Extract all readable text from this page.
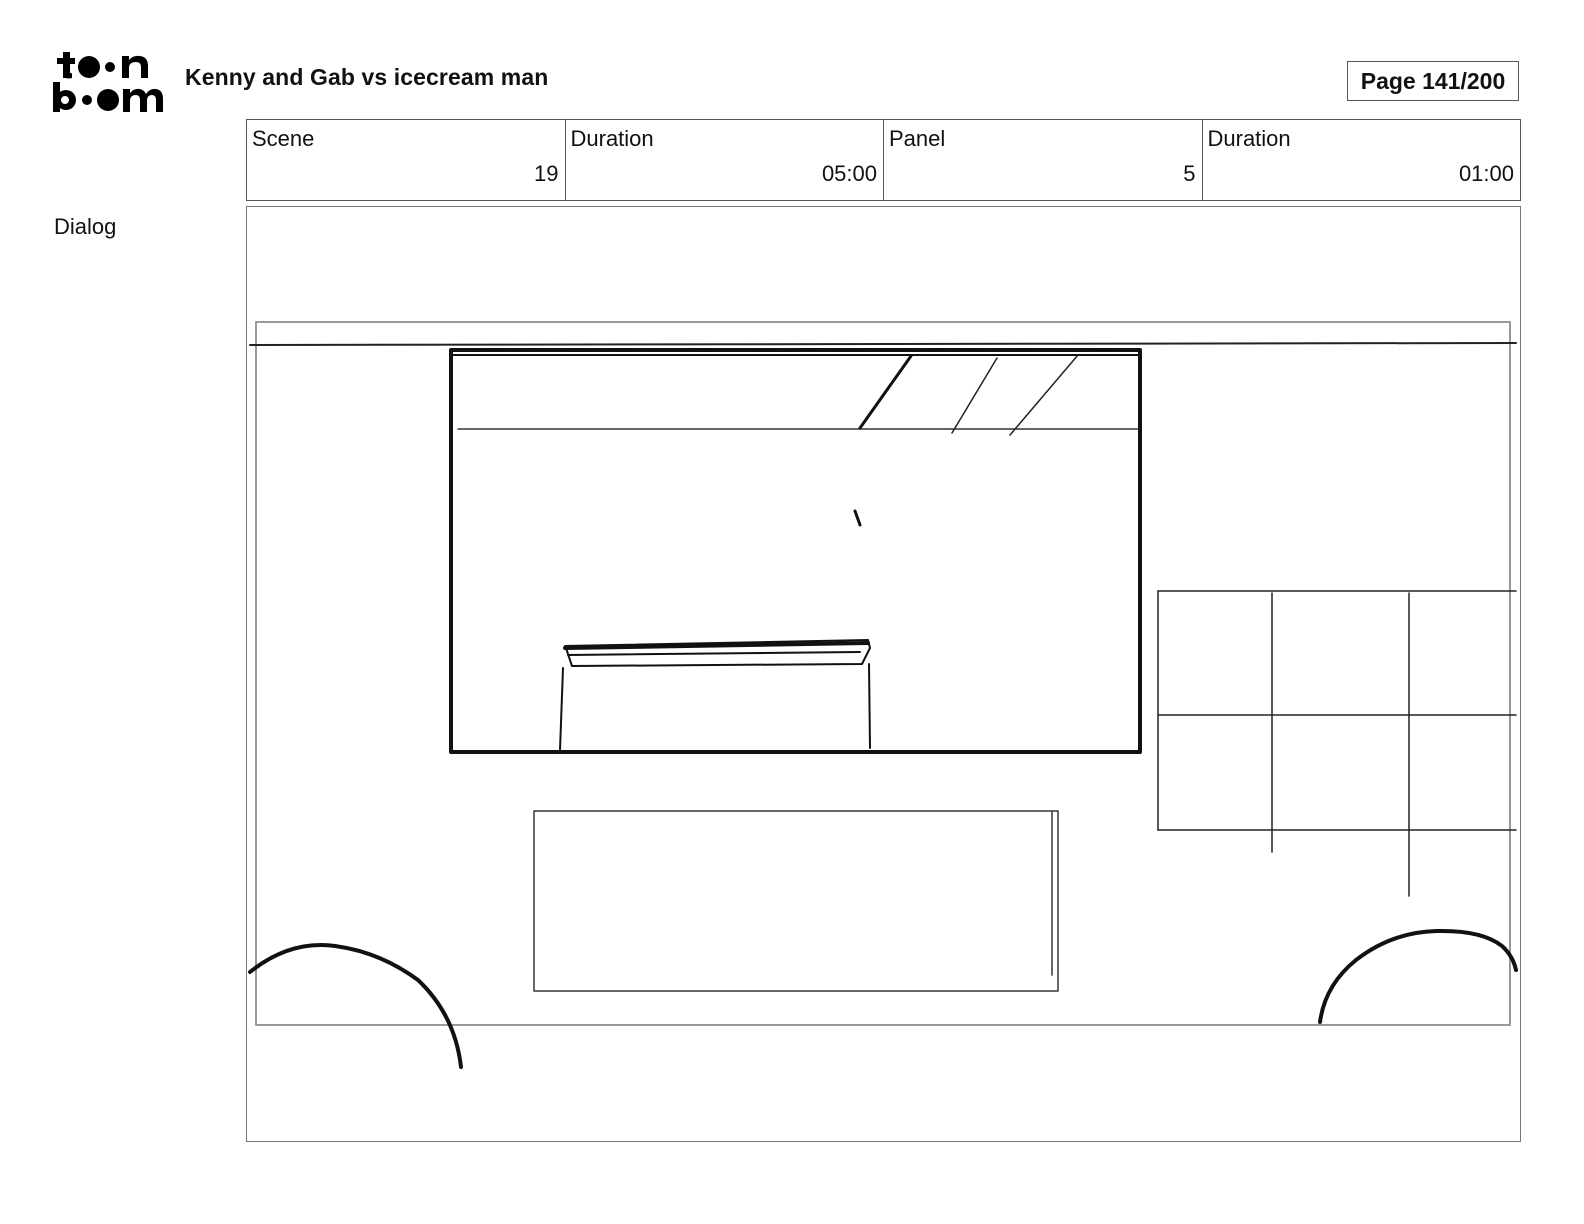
Kenny and Gab vs icecream man	Page 141/200
Scene
19
Duration
05:00
Panel
5
Duration
01:00
Dialog
